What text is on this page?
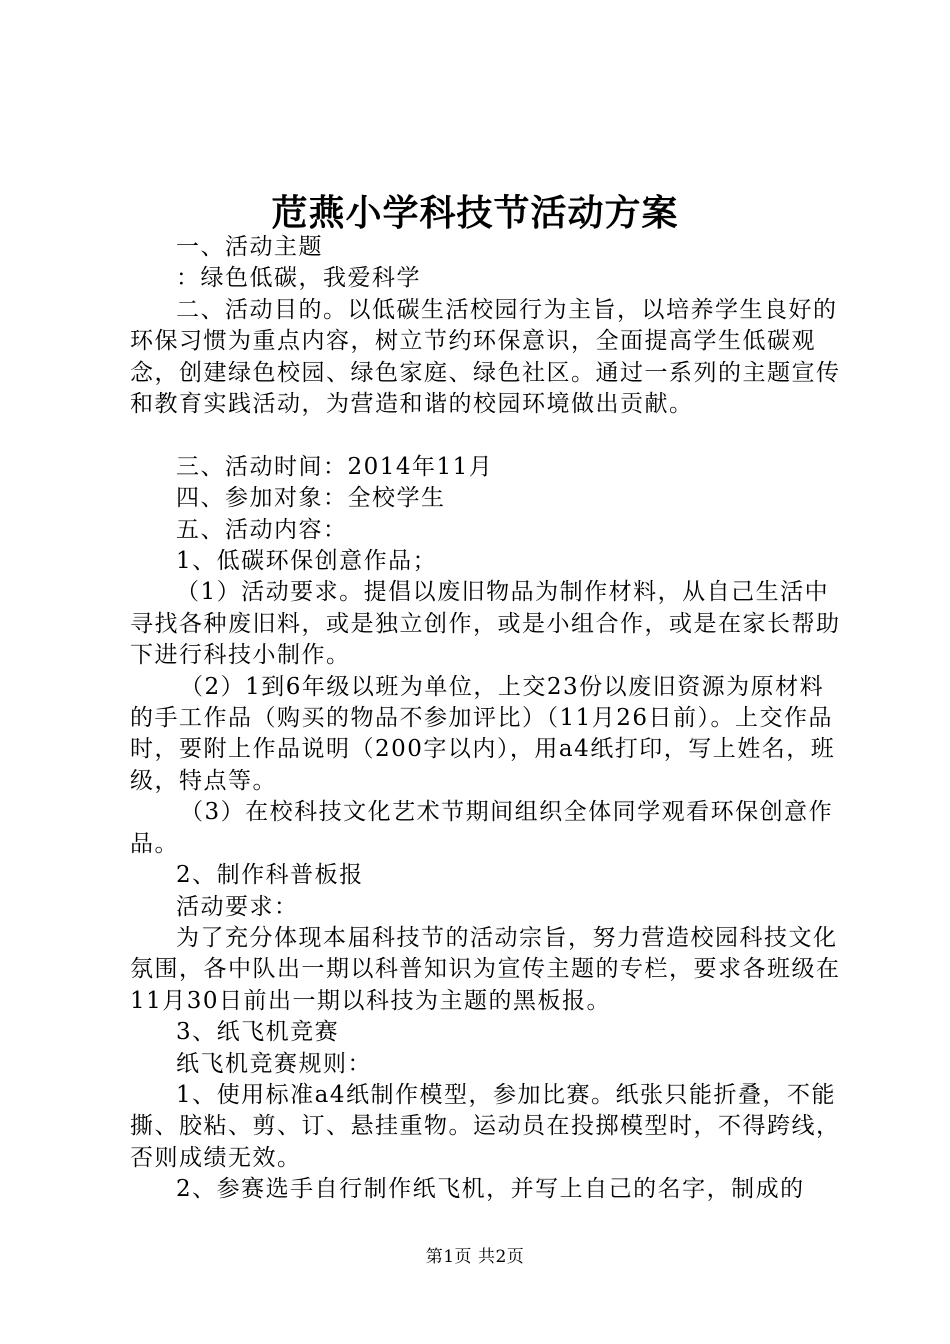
苊燕小学科技节活动方案

一、活动主题

：绿色低碳，我爱科学

二、活动目的。以低碳生活校园行为主旨，以培养学生良好的环保习惯为重点内容，树立节约环保意识，全面提高学生低碳观念，创建绿色校园、绿色家庭、绿色社区。通过一系列的主题宣传和教育实践活动，为营造和谐的校园环境做出贡献。

三、活动时间：2014年11月

四、参加对象：全校学生

五、活动内容：

1、低碳环保创意作品；

（1）活动要求。提倡以废旧物品为制作材料，从自己生活中寻找各种废旧料，或是独立创作，或是小组合作，或是在家长帮助下进行科技小制作。

（2）1到6年级以班为单位，上交23份以废旧资源为原材料的手工作品（购买的物品不参加评比）（11月26日前）。上交作品时，要附上作品说明（200字以内），用a4纸打印，写上姓名，班级，特点等。

（3）在校科技文化艺术节期间组织全体同学观看环保创意作品。

2、制作科普板报

活动要求：

为了充分体现本届科技节的活动宗旨，努力营造校园科技文化氛围，各中队出一期以科普知识为宣传主题的专栏，要求各班级在11月30日前出一期以科技为主题的黑板报。

3、纸飞机竞赛

纸飞机竞赛规则：

1、使用标准a4纸制作模型，参加比赛。纸张只能折叠，不能撕、胶粘、剪、订、悬挂重物。运动员在投掷模型时，不得跨线，否则成绩无效。

2、参赛选手自行制作纸飞机，并写上自己的名字，制成的

第1页 共2页
